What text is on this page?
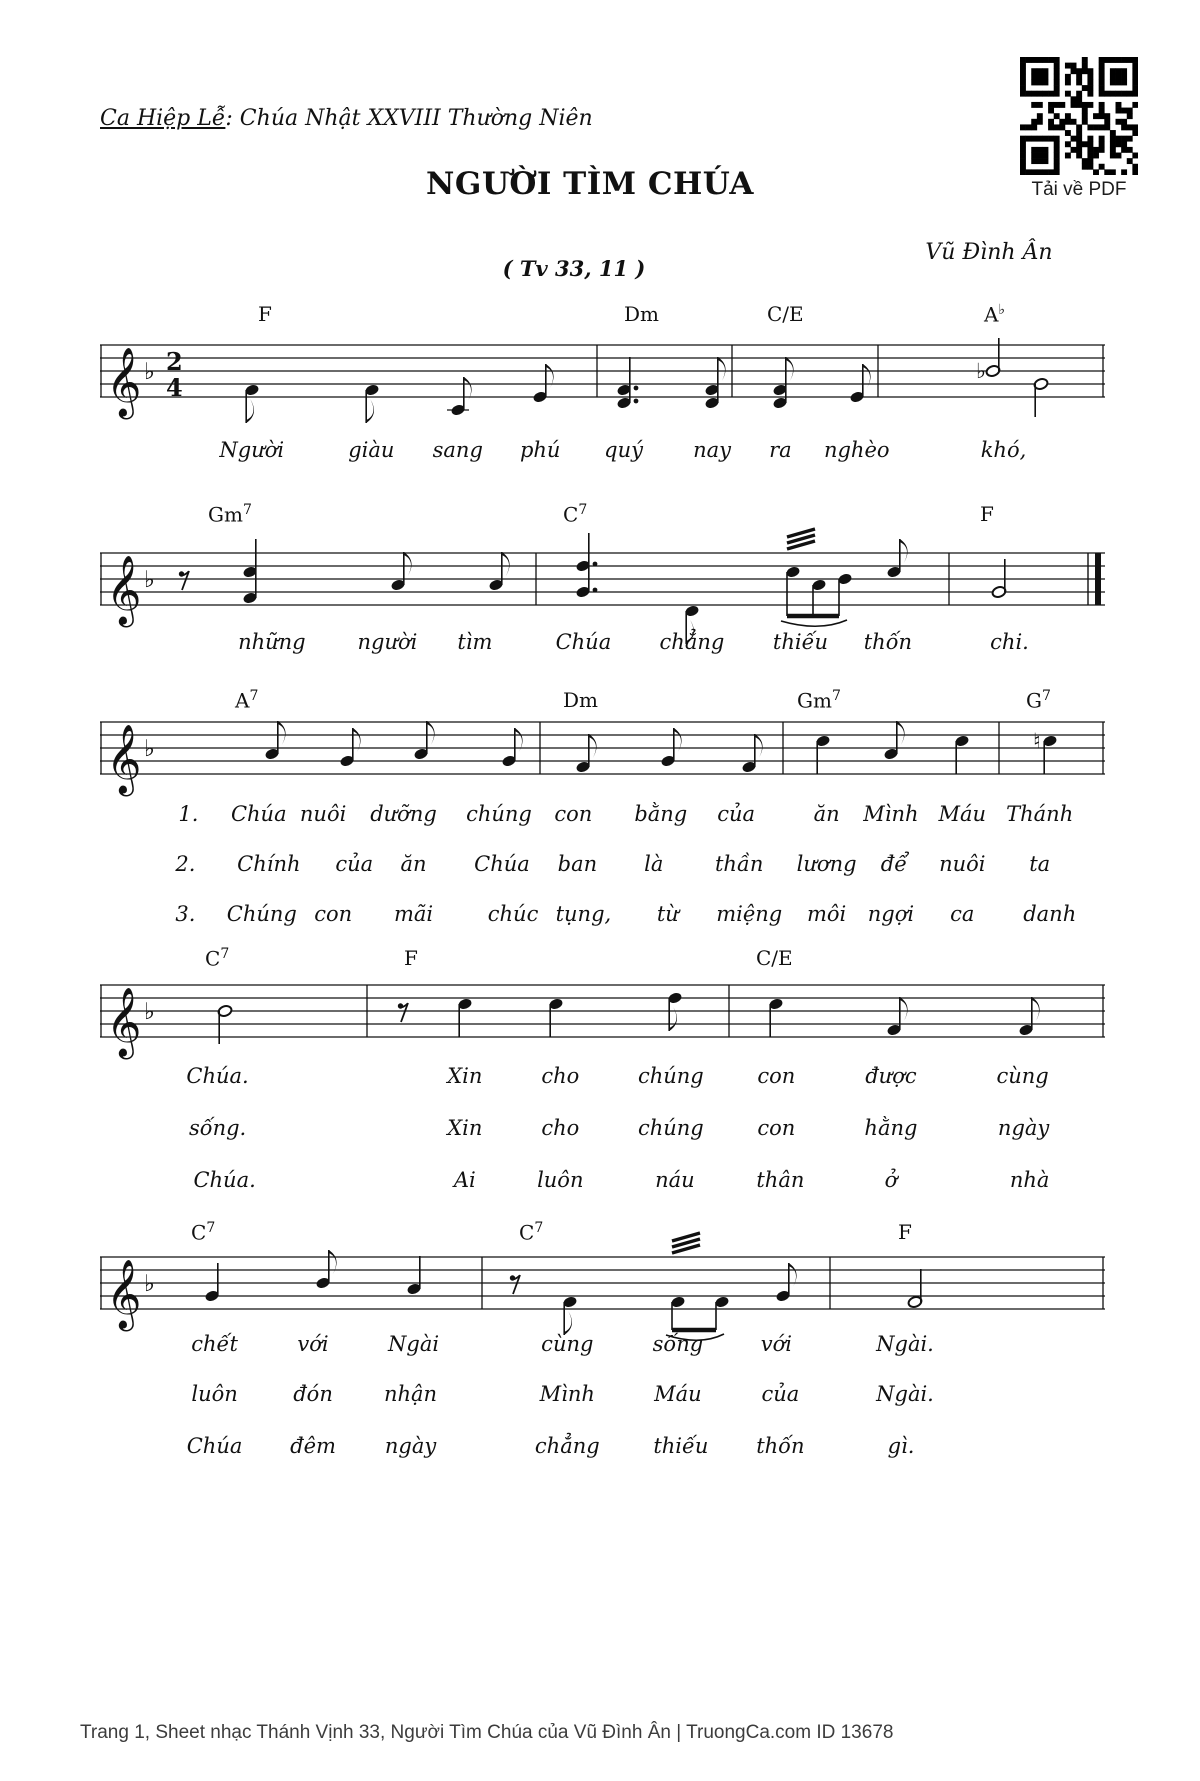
Ca Hiệp Lễ: Chúa Nhật XXVIII Thường Niên
Tải về PDF
NGƯỜI TÌM CHÚA
( Tv 33, 11 )
Vũ Đình Ân
F	Dm	C/E	A♭
𝄞 ♭ 2
4
♭
Người	giàu sang phú quý nay ra nghèo	khó,
Gm$^7$	$C^7$	F
𝄞 ♭
những người tìm	Chúa chẳng thiếu thốn	chi.
$A^7$	Dm	Gm$^7$	$G^7$
𝄞 ♭	♮
1. Chúa nuôi dưỡng chúng con bằng của	ăn Mình Máu Thánh
2. Chính của ăn Chúa ban là thần lương để nuôi ta
3. Chúng con mãi	chúc tụng, từ miệng môi ngợi ca danh
$C^7$	F	C/E
𝄞 ♭
Chúa.	Xin	cho	chúng	con	được	cùng
sống.	Xin	cho	chúng	con	hằng	ngày
Chúa.	Ai	luôn	náu	thân	ở	nhà
$C^7$	$C^7$	F
𝄞 ♭
chết	với	Ngài	cùng	sống	với	Ngài.
luôn	đón nhận	Mình	Máu	của	Ngài.
Chúa đêm ngày	chẳng	thiếu thốn	gì.
Trang 1, Sheet nhạc Thánh Vịnh 33, Người Tìm Chúa của Vũ Đình Ân | TruongCa.com ID 13678
